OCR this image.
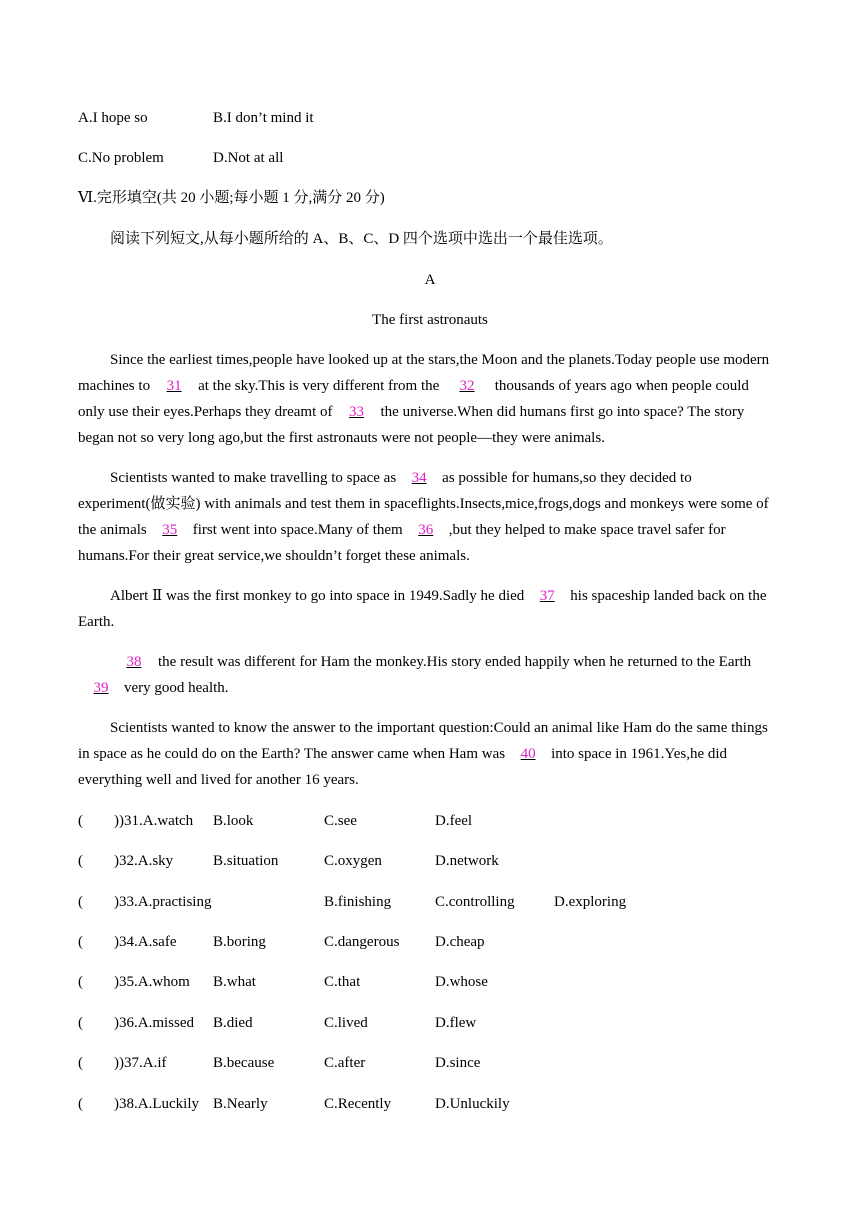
A.I hope so	B.I don’t mind it
C.No problem	D.Not at all
Ⅵ.完形填空(共 20 小题;每小题 1 分,满分 20 分)
阅读下列短文,从每小题所给的 A、B、C、D 四个选项中选出一个最佳选项。
A
The first astronauts
Since the earliest times,people have looked up at the stars,the Moon and the planets.Today people use modern machines to 31 at the sky.This is very different from the 32 thousands of years ago when people could only use their eyes.Perhaps they dreamt of 33 the universe.When did humans first go into space? The story began not so very long ago,but the first astronauts were not people—they were animals.
Scientists wanted to make travelling to space as 34 as possible for humans,so they decided to experiment(做实验) with animals and test them in spaceflights.Insects,mice,frogs,dogs and monkeys were some of the animals 35 first went into space.Many of them 36 ,but they helped to make space travel safer for humans.For their great service,we shouldn’t forget these animals.
Albert Ⅱ was the first monkey to go into space in 1949.Sadly he died 37 his spaceship landed back on the Earth.
38 the result was different for Ham the monkey.His story ended happily when he returned to the Earth39 very good health.
Scientists wanted to know the answer to the important question:Could an animal like Ham do the same things in space as he could do on the Earth? The answer came when Ham was 40 into space in 1961.Yes,he did everything well and lived for another 16 years.
( ))31.A.watch B.look	C.see	D.feel
( )32.A.sky	B.situation	C.oxygen	D.network
( )33.A.practising	B.finishing	C.controlling	D.exploring
( )34.A.safe B.boring	C.dangerous D.cheap
( )35.A.whom B.what	C.that	D.whose
( )36.A.missed B.died	C.lived	D.flew
( ))37.A.if	B.because	C.after	D.since
( )38.A.Luckily B.Nearly	C.Recently	D.Unluckily
